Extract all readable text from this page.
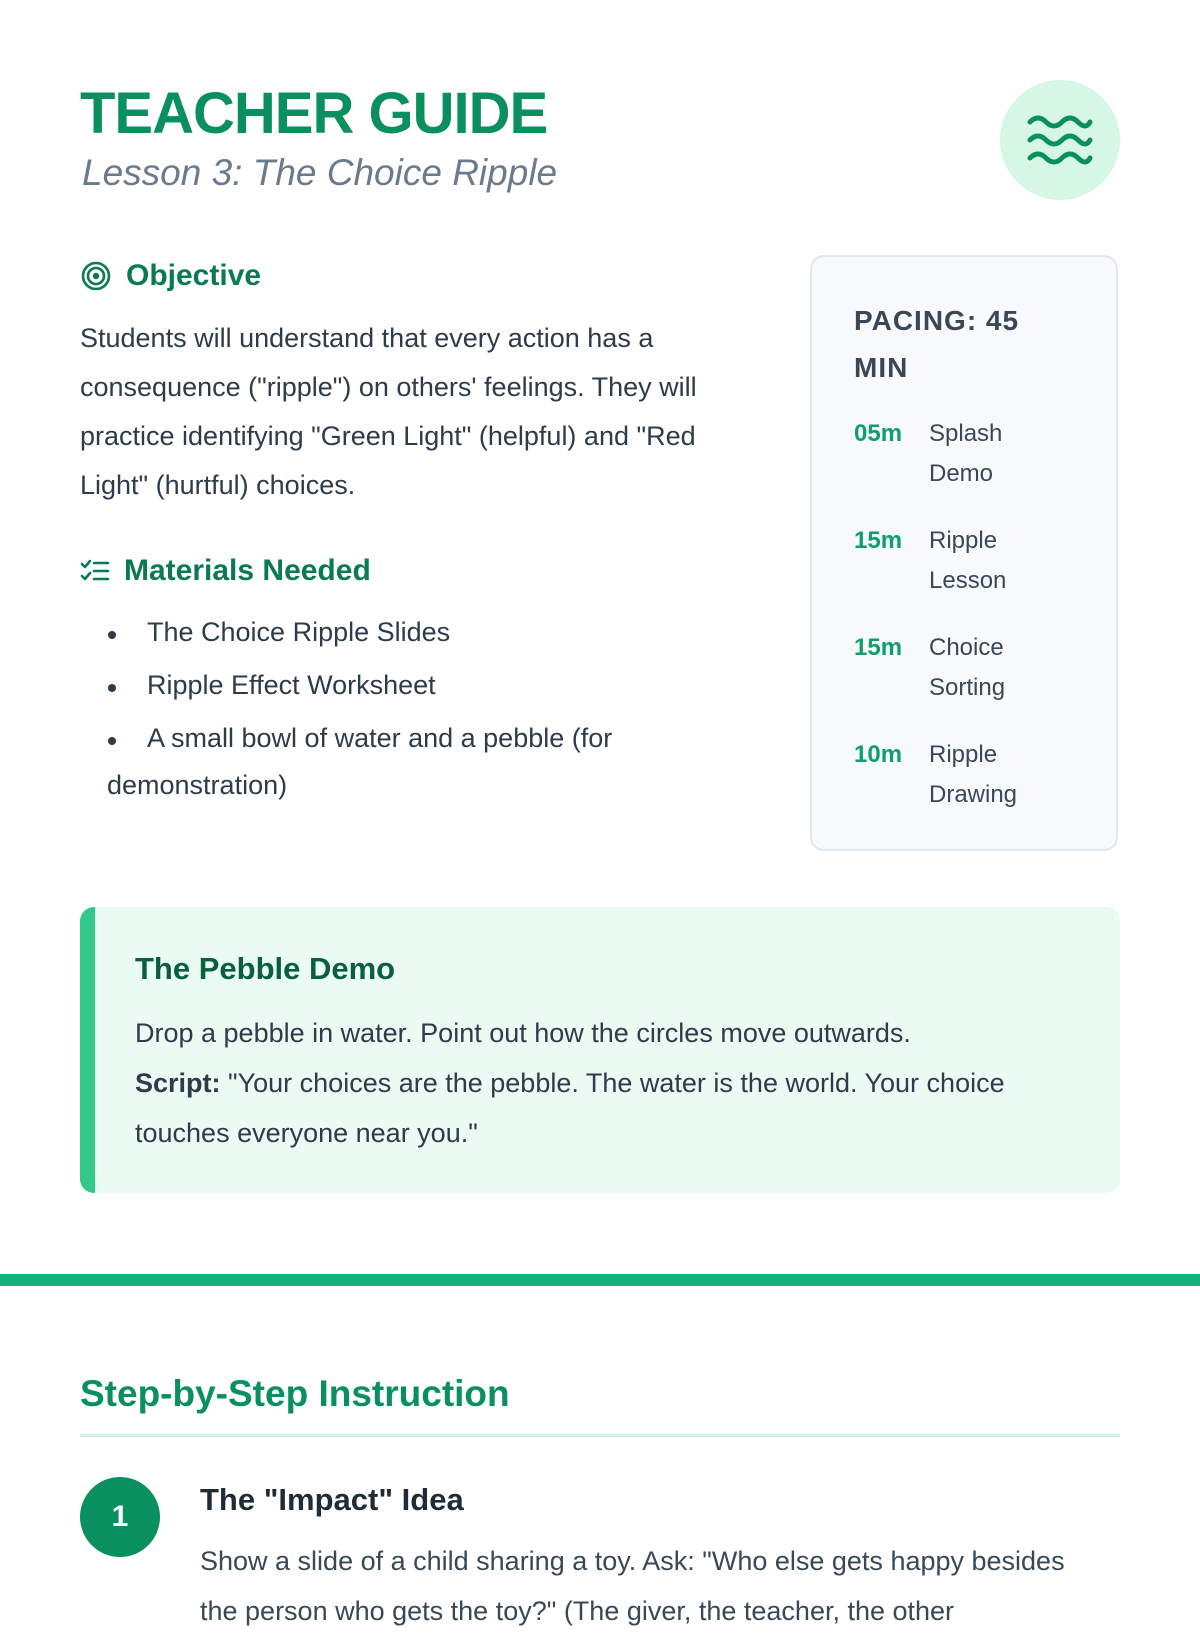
TEACHER GUIDE

Lesson 3: The Choice Ripple

Objective

Students will understand that every action has a consequence ("ripple") on others' feelings. They will practice identifying "Green Light" (helpful) and "Red Light" (hurtful) choices.

Materials Needed
The Choice Ripple Slides
Ripple Effect Worksheet
A small bowl of water and a pebble (for demonstration)

PACING: 45 MIN

05m	Splash Demo
15m	Ripple Lesson
15m	Choice Sorting
10m	Ripple Drawing

The Pebble Demo

Drop a pebble in water. Point out how the circles move outwards.
Script: "Your choices are the pebble. The water is the world. Your choice touches everyone near you."

Step-by-Step Instruction
1	The "Impact" Idea

Show a slide of a child sharing a toy. Ask: "Who else gets happy besides the person who gets the toy?" (The giver, the teacher, the other
